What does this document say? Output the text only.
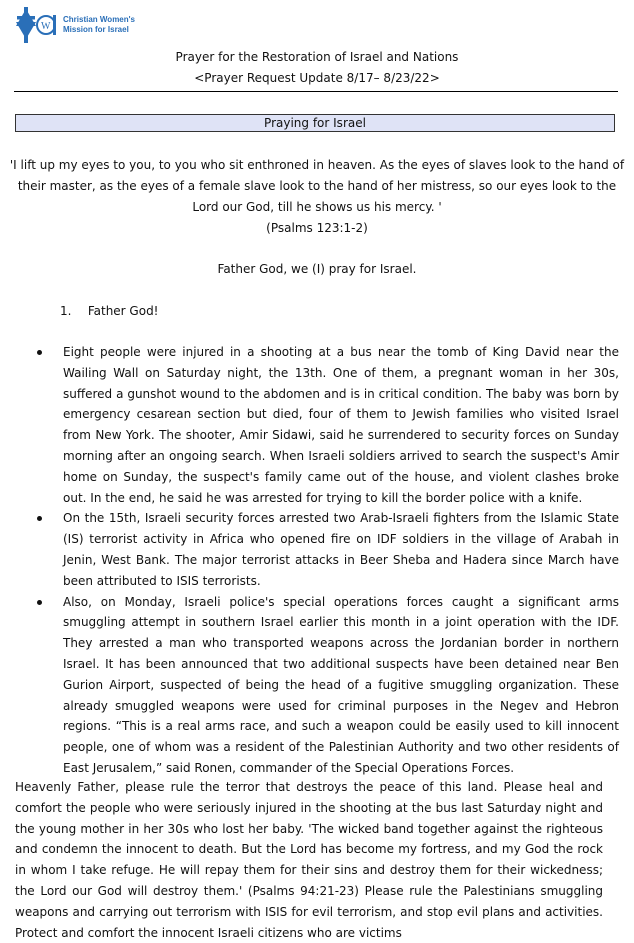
W
Christian Women's
Mission for Israel
Prayer for the Restoration of Israel and Nations
<Prayer Request Update 8/17– 8/23/22>
Praying for Israel
'I lift up my eyes to you, to you who sit enthroned in heaven. As the eyes of slaves look to the hand of their master, as the eyes of a female slave look to the hand of her mistress, so our eyes look to the Lord our God, till he shows us his mercy. '
(Psalms 123:1-2)
Father God, we (I) pray for Israel.
1. Father God!
Eight people were injured in a shooting at a bus near the tomb of King David near the Wailing Wall on Saturday night, the 13th. One of them, a pregnant woman in her 30s, suffered a gunshot wound to the abdomen and is in critical condition. The baby was born by emergency cesarean section but died, four of them to Jewish families who visited Israel from New York. The shooter, Amir Sidawi, said he surrendered to security forces on Sunday morning after an ongoing search. When Israeli soldiers arrived to search the suspect's Amir home on Sunday, the suspect's family came out of the house, and violent clashes broke out. In the end, he said he was arrested for trying to kill the border police with a knife.
On the 15th, Israeli security forces arrested two Arab-Israeli fighters from the Islamic State (IS) terrorist activity in Africa who opened fire on IDF soldiers in the village of Arabah in Jenin, West Bank. The major terrorist attacks in Beer Sheba and Hadera since March have been attributed to ISIS terrorists.
Also, on Monday, Israeli police's special operations forces caught a significant arms smuggling attempt in southern Israel earlier this month in a joint operation with the IDF. They arrested a man who transported weapons across the Jordanian border in northern Israel. It has been announced that two additional suspects have been detained near Ben Gurion Airport, suspected of being the head of a fugitive smuggling organization. These already smuggled weapons were used for criminal purposes in the Negev and Hebron regions. “This is a real arms race, and such a weapon could be easily used to kill innocent people, one of whom was a resident of the Palestinian Authority and two other residents of East Jerusalem,” said Ronen, commander of the Special Operations Forces.
Heavenly Father, please rule the terror that destroys the peace of this land. Please heal and comfort the people who were seriously injured in the shooting at the bus last Saturday night and the young mother in her 30s who lost her baby. 'The wicked band together against the righteous and condemn the innocent to death. But the Lord has become my fortress, and my God the rock in whom I take refuge. He will repay them for their sins and destroy them for their wickedness; the Lord our God will destroy them.' (Psalms 94:21-23) Please rule the Palestinians smuggling weapons and carrying out terrorism with ISIS for evil terrorism, and stop evil plans and activities. Protect and comfort the innocent Israeli citizens who are victims
